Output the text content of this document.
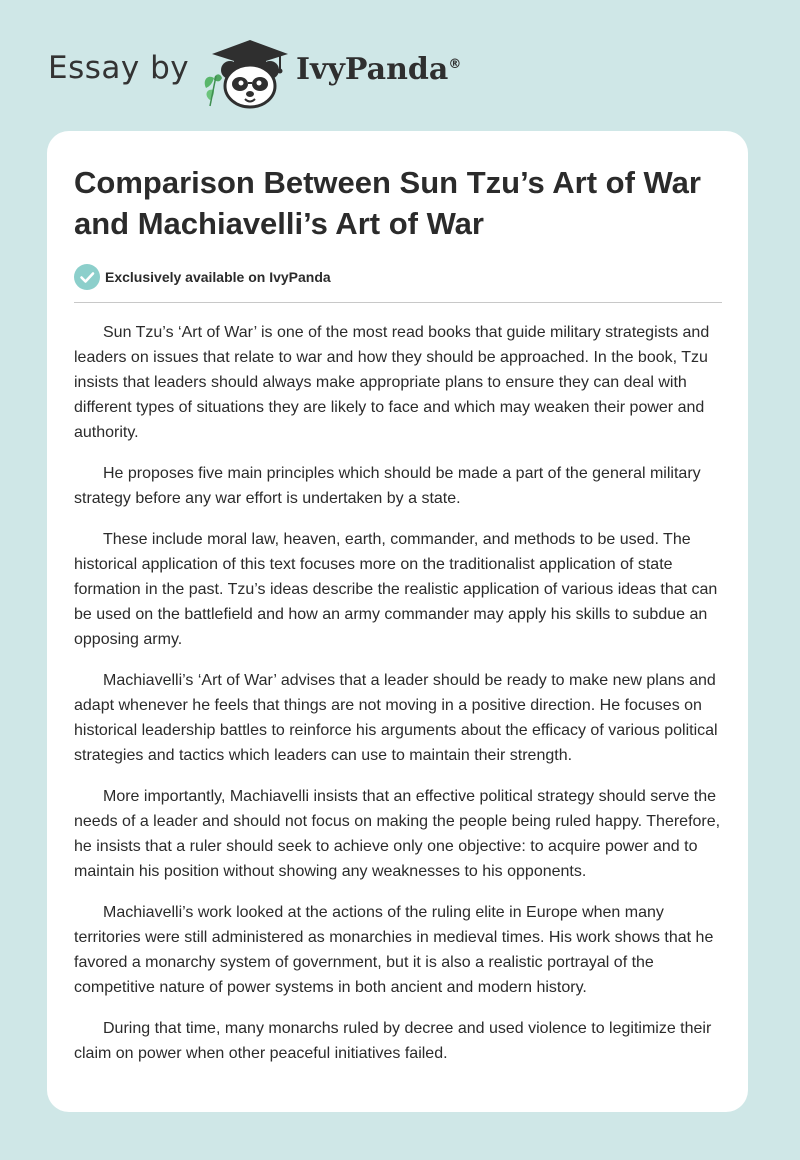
Essay by	IvyPanda®
Comparison Between Sun Tzu’s Art of War and Machiavelli’s Art of War
Exclusively available on IvyPanda

Sun Tzu’s ‘Art of War’ is one of the most read books that guide military strategists and leaders on issues that relate to war and how they should be approached. In the book, Tzu insists that leaders should always make appropriate plans to ensure they can deal with different types of situations they are likely to face and which may weaken their power and authority.

He proposes five main principles which should be made a part of the general military strategy before any war effort is undertaken by a state.

These include moral law, heaven, earth, commander, and methods to be used. The historical application of this text focuses more on the traditionalist application of state formation in the past. Tzu’s ideas describe the realistic application of various ideas that can be used on the battlefield and how an army commander may apply his skills to subdue an opposing army.

Machiavelli’s ‘Art of War’ advises that a leader should be ready to make new plans and adapt whenever he feels that things are not moving in a positive direction. He focuses on historical leadership battles to reinforce his arguments about the efficacy of various political strategies and tactics which leaders can use to maintain their strength.

More importantly, Machiavelli insists that an effective political strategy should serve the needs of a leader and should not focus on making the people being ruled happy. Therefore, he insists that a ruler should seek to achieve only one objective: to acquire power and to maintain his position without showing any weaknesses to his opponents.

Machiavelli’s work looked at the actions of the ruling elite in Europe when many territories were still administered as monarchies in medieval times. His work shows that he favored a monarchy system of government, but it is also a realistic portrayal of the competitive nature of power systems in both ancient and modern history.

During that time, many monarchs ruled by decree and used violence to legitimize their claim on power when other peaceful initiatives failed.
